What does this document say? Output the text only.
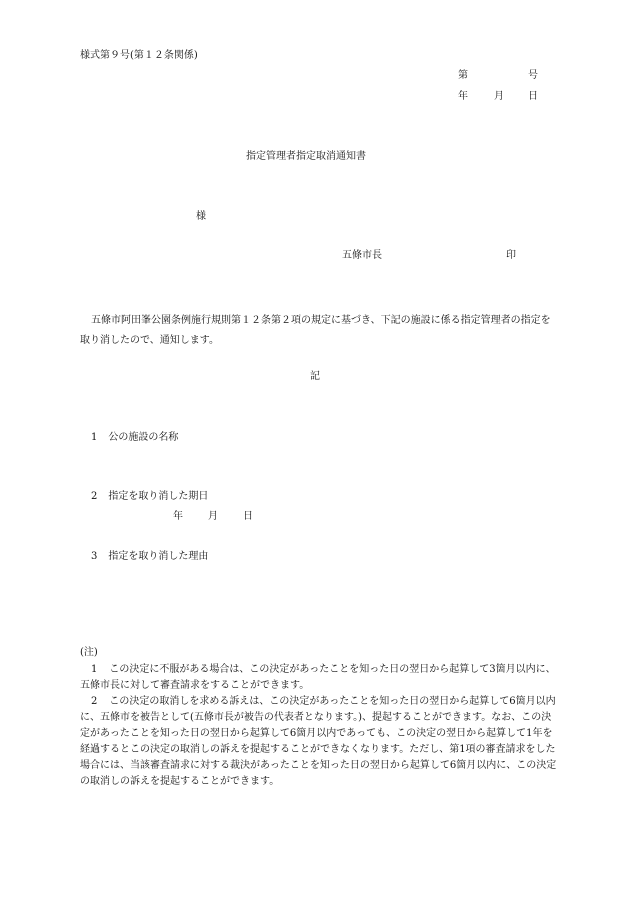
様式第９号(第１２条関係)
第	号
年	月 日
指定管理者指定取消通知書
様
五條市長	印
五條市阿田峯公園条例施行規則第１２条第２項の規定に基づき、下記の施設に係る指定管理者の指定を取り消したので、通知します。
記
1 公の施設の名称
2 指定を取り消した期日
年	月	日
3 指定を取り消した理由
(注)
1 この決定に不服がある場合は、この決定があったことを知った日の翌日から起算して3箇月以内に、五條市長に対して審査請求をすることができます。
2 この決定の取消しを求める訴えは、この決定があったことを知った日の翌日から起算して6箇月以内に、五條市を被告として(五條市長が被告の代表者となります。)、提起することができます。なお、この決定があったことを知った日の翌日から起算して6箇月以内であっても、この決定の翌日から起算して1年を経過するとこの決定の取消しの訴えを提起することができなくなります。ただし、第1項の審査請求をした場合には、当該審査請求に対する裁決があったことを知った日の翌日から起算して6箇月以内に、この決定の取消しの訴えを提起することができます。
